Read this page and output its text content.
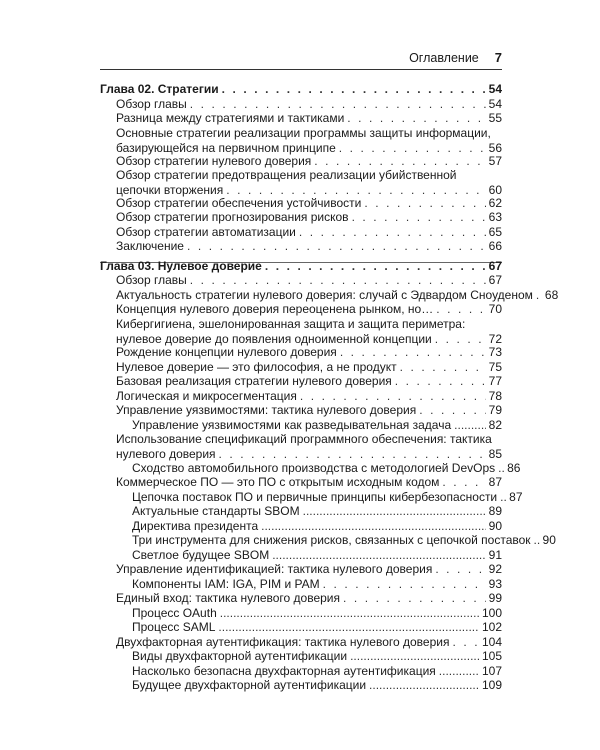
Оглавление 7
Глава 02. Стратегии . . .	54
Обзор главы . . .	54
Разница между стратегиями и тактиками . . .	55
Основные стратегии реализации программы защиты информации,
базирующейся на первичном принципе . . .	56
Обзор стратегии нулевого доверия . . .	57
Обзор стратегии предотвращения реализации убийственной
цепочки вторжения . . .	60
Обзор стратегии обеспечения устойчивости . . .	62
Обзор стратегии прогнозирования рисков . . .	63
Обзор стратегии автоматизации . . .	65
Заключение . . .	66
Глава 03. Нулевое доверие . . .	67
Обзор главы . . .	67
Актуальность стратегии нулевого доверия: случай с Эдвардом Сноуденом . . . 68
Концепция нулевого доверия переоценена рынком, но… . . .	70
Кибергигиена, эшелонированная защита и защита периметра:
нулевое доверие до появления одноименной концепции . . .	72
Рождение концепции нулевого доверия . . .	73
Нулевое доверие — это философия, а не продукт . . .	75
Базовая реализация стратегии нулевого доверия . . .	77
Логическая и микросегментация . . .	78
Управление уязвимостями: тактика нулевого доверия . . .	79
Управление уязвимостями как разведывательная задача .....	82
Использование спецификаций программного обеспечения: тактика
нулевого доверия . . .	85
Сходство автомобильного производства с методологией DevOps ..... 86
Коммерческое ПО — это ПО с открытым исходным кодом . . .	87
Цепочка поставок ПО и первичные принципы кибербезопасности ..... 87
Актуальные стандарты SBOM .....	89
Директива президента .....	90
Три инструмента для снижения рисков, связанных с цепочкой поставок ..... 90
Светлое будущее SBOM .....	91
Управление идентификацией: тактика нулевого доверия . . .	92
Компоненты IAM: IGA, PIM и PAM . . .	93
Единый вход: тактика нулевого доверия . . .	99
Процесс OAuth .....	100
Процесс SAML .....	102
Двухфакторная аутентификация: тактика нулевого доверия . . .	104
Виды двухфакторной аутентификации .....	105
Насколько безопасна двухфакторная аутентификация .....	107
Будущее двухфакторной аутентификации .....	109
